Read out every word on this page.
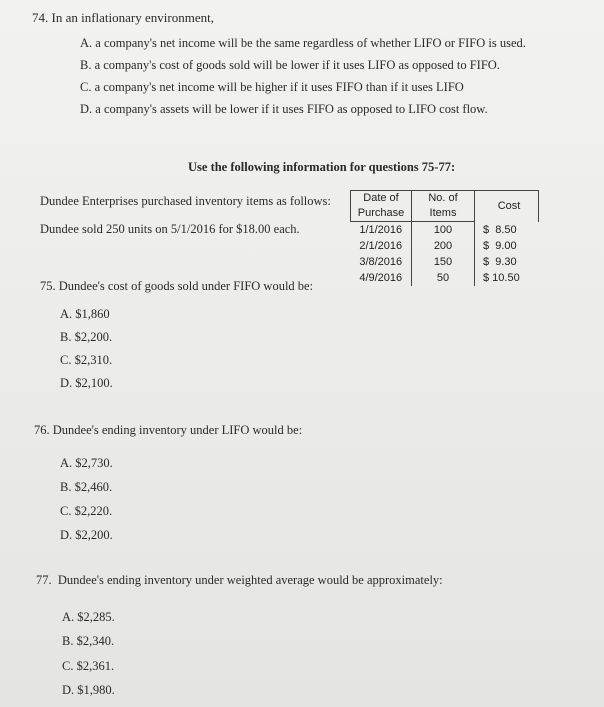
74. In an inflationary environment,
A. a company's net income will be the same regardless of whether LIFO or FIFO is used.
B. a company's cost of goods sold will be lower if it uses LIFO as opposed to FIFO.
C. a company's net income will be higher if it uses FIFO than if it uses LIFO
D. a company's assets will be lower if it uses FIFO as opposed to LIFO cost flow.
Use the following information for questions 75-77:
Dundee Enterprises purchased inventory items as follows:
Dundee sold 250 units on 5/1/2016 for $18.00 each.
Date of	No. of	Cost
Purchase	Items	
1/1/2016	100	$  8.50
2/1/2016	200	$  9.00
3/8/2016	150	$  9.30
4/9/2016	50	$ 10.50
75. Dundee's cost of goods sold under FIFO would be:
A. $1,860
B. $2,200.
C. $2,310.
D. $2,100.
76. Dundee's ending inventory under LIFO would be:
A. $2,730.
B. $2,460.
C. $2,220.
D. $2,200.
77.  Dundee's ending inventory under weighted average would be approximately:
A. $2,285.
B. $2,340.
C. $2,361.
D. $1,980.
